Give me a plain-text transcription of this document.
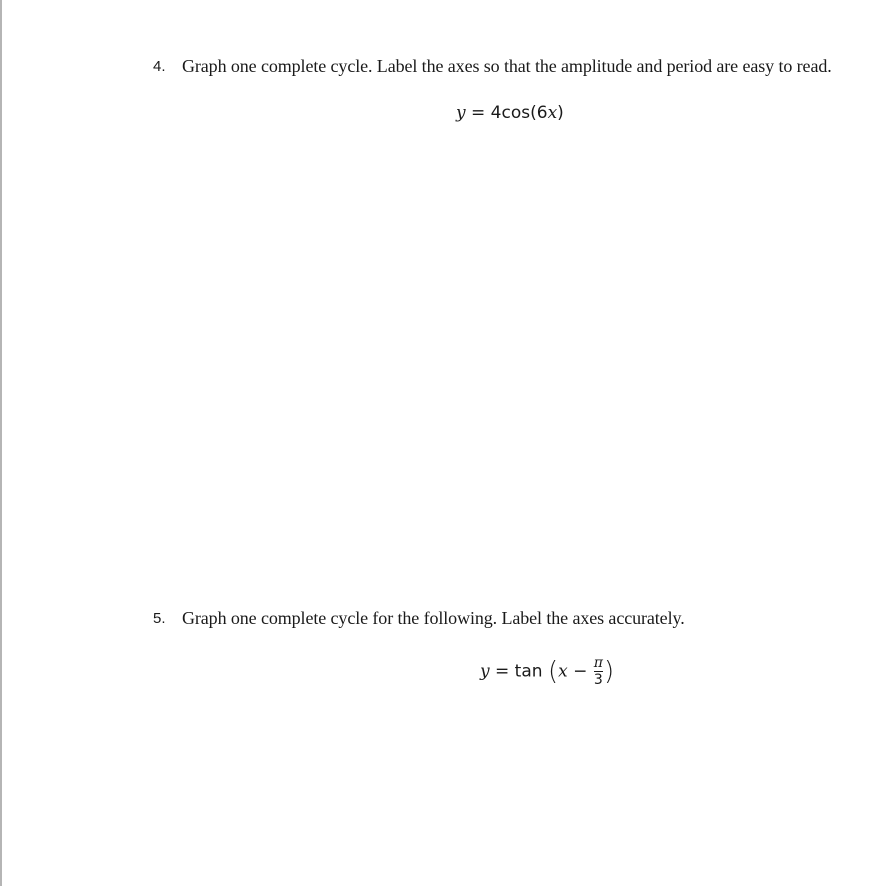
4. Graph one complete cycle. Label the axes so that the amplitude and period are easy to read.
y = 4cos(6x)
5. Graph one complete cycle for the following. Label the axes accurately.
$y = \tan (x - \frac{\pi}{3}$ )
